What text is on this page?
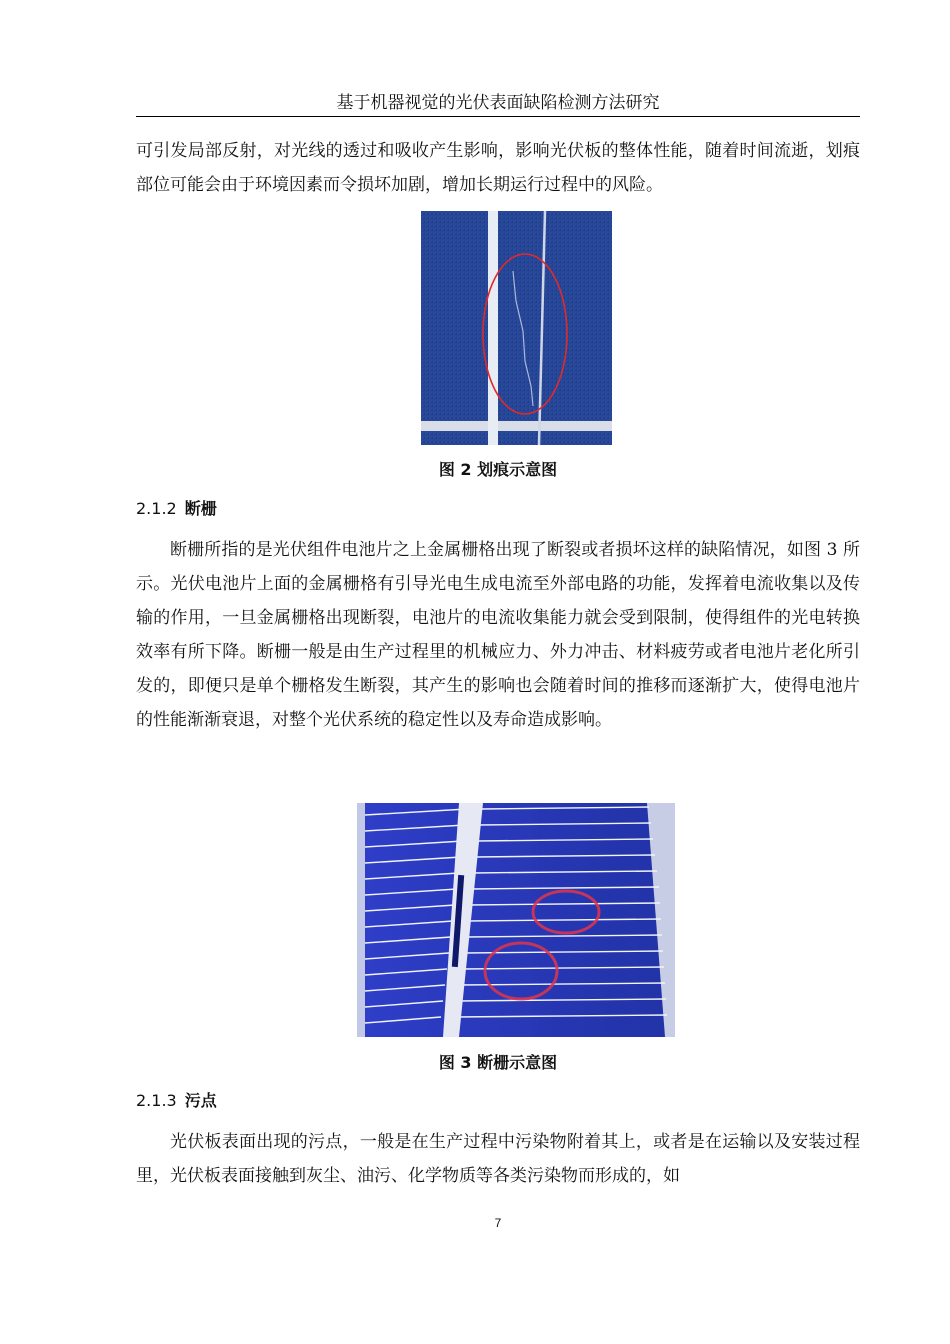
基于机器视觉的光伏表面缺陷检测方法研究

可引发局部反射，对光线的透过和吸收产生影响，影响光伏板的整体性能，随着时间流逝，划痕部位可能会由于环境因素而令损坏加剧，增加长期运行过程中的风险。

图 2 划痕示意图
2.1.2 断栅

断栅所指的是光伏组件电池片之上金属栅格出现了断裂或者损坏这样的缺陷情况，如图 3 所示。光伏电池片上面的金属栅格有引导光电生成电流至外部电路的功能，发挥着电流收集以及传输的作用，一旦金属栅格出现断裂，电池片的电流收集能力就会受到限制，使得组件的光电转换效率有所下降。断栅一般是由生产过程里的机械应力、外力冲击、材料疲劳或者电池片老化所引发的，即便只是单个栅格发生断裂，其产生的影响也会随着时间的推移而逐渐扩大，使得电池片的性能渐渐衰退，对整个光伏系统的稳定性以及寿命造成影响。

图 3 断栅示意图
2.1.3 污点

光伏板表面出现的污点，一般是在生产过程中污染物附着其上，或者是在运输以及安装过程里，光伏板表面接触到灰尘、油污、化学物质等各类污染物而形成的，如

7
